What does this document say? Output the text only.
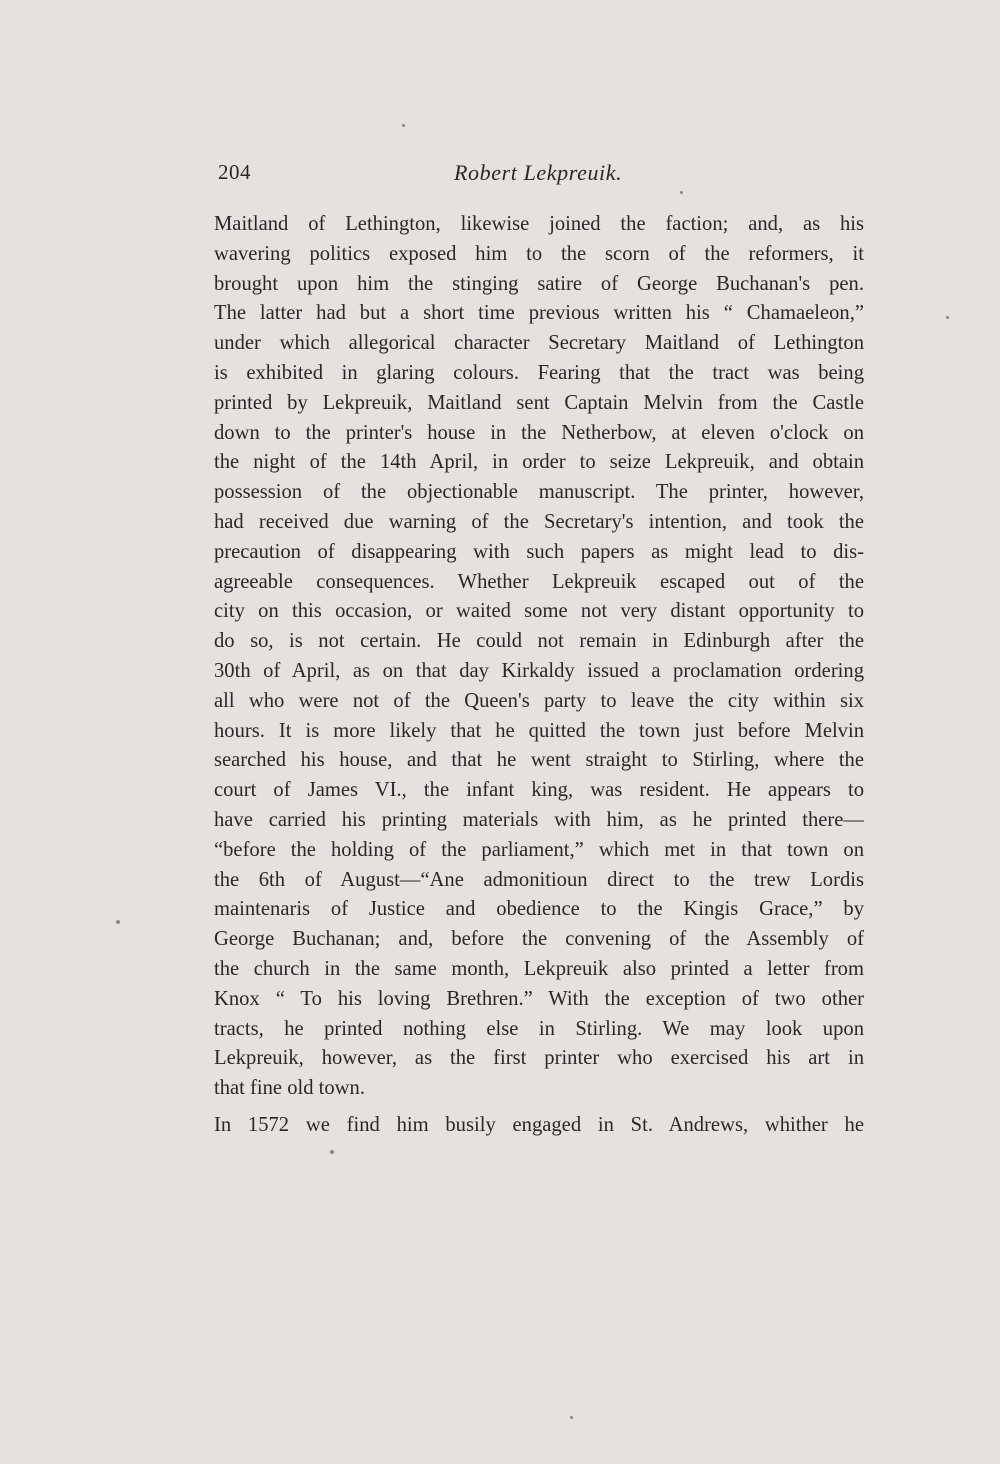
204	Robert Lekpreuik.
Maitland of Lethington, likewise joined the faction; and, as his
wavering politics exposed him to the scorn of the reformers, it
brought upon him the stinging satire of George Buchanan's pen.
The latter had but a short time previous written his “ Chamaeleon,”
under which allegorical character Secretary Maitland of Lethington
is exhibited in glaring colours. Fearing that the tract was being
printed by Lekpreuik, Maitland sent Captain Melvin from the Castle
down to the printer's house in the Netherbow, at eleven o'clock on
the night of the 14th April, in order to seize Lekpreuik, and obtain
possession of the objectionable manuscript. The printer, however,
had received due warning of the Secretary's intention, and took the
precaution of disappearing with such papers as might lead to dis-
agreeable consequences. Whether Lekpreuik escaped out of the
city on this occasion, or waited some not very distant opportunity to
do so, is not certain. He could not remain in Edinburgh after the
30th of April, as on that day Kirkaldy issued a proclamation ordering
all who were not of the Queen's party to leave the city within six
hours. It is more likely that he quitted the town just before Melvin
searched his house, and that he went straight to Stirling, where the
court of James VI., the infant king, was resident. He appears to
have carried his printing materials with him, as he printed there—
“before the holding of the parliament,” which met in that town on
the 6th of August—“Ane admonitioun direct to the trew Lordis
maintenaris of Justice and obedience to the Kingis Grace,” by
George Buchanan; and, before the convening of the Assembly of
the church in the same month, Lekpreuik also printed a letter from
Knox “ To his loving Brethren.” With the exception of two other
tracts, he printed nothing else in Stirling. We may look upon
Lekpreuik, however, as the first printer who exercised his art in
that fine old town.
In 1572 we find him busily engaged in St. Andrews, whither he
